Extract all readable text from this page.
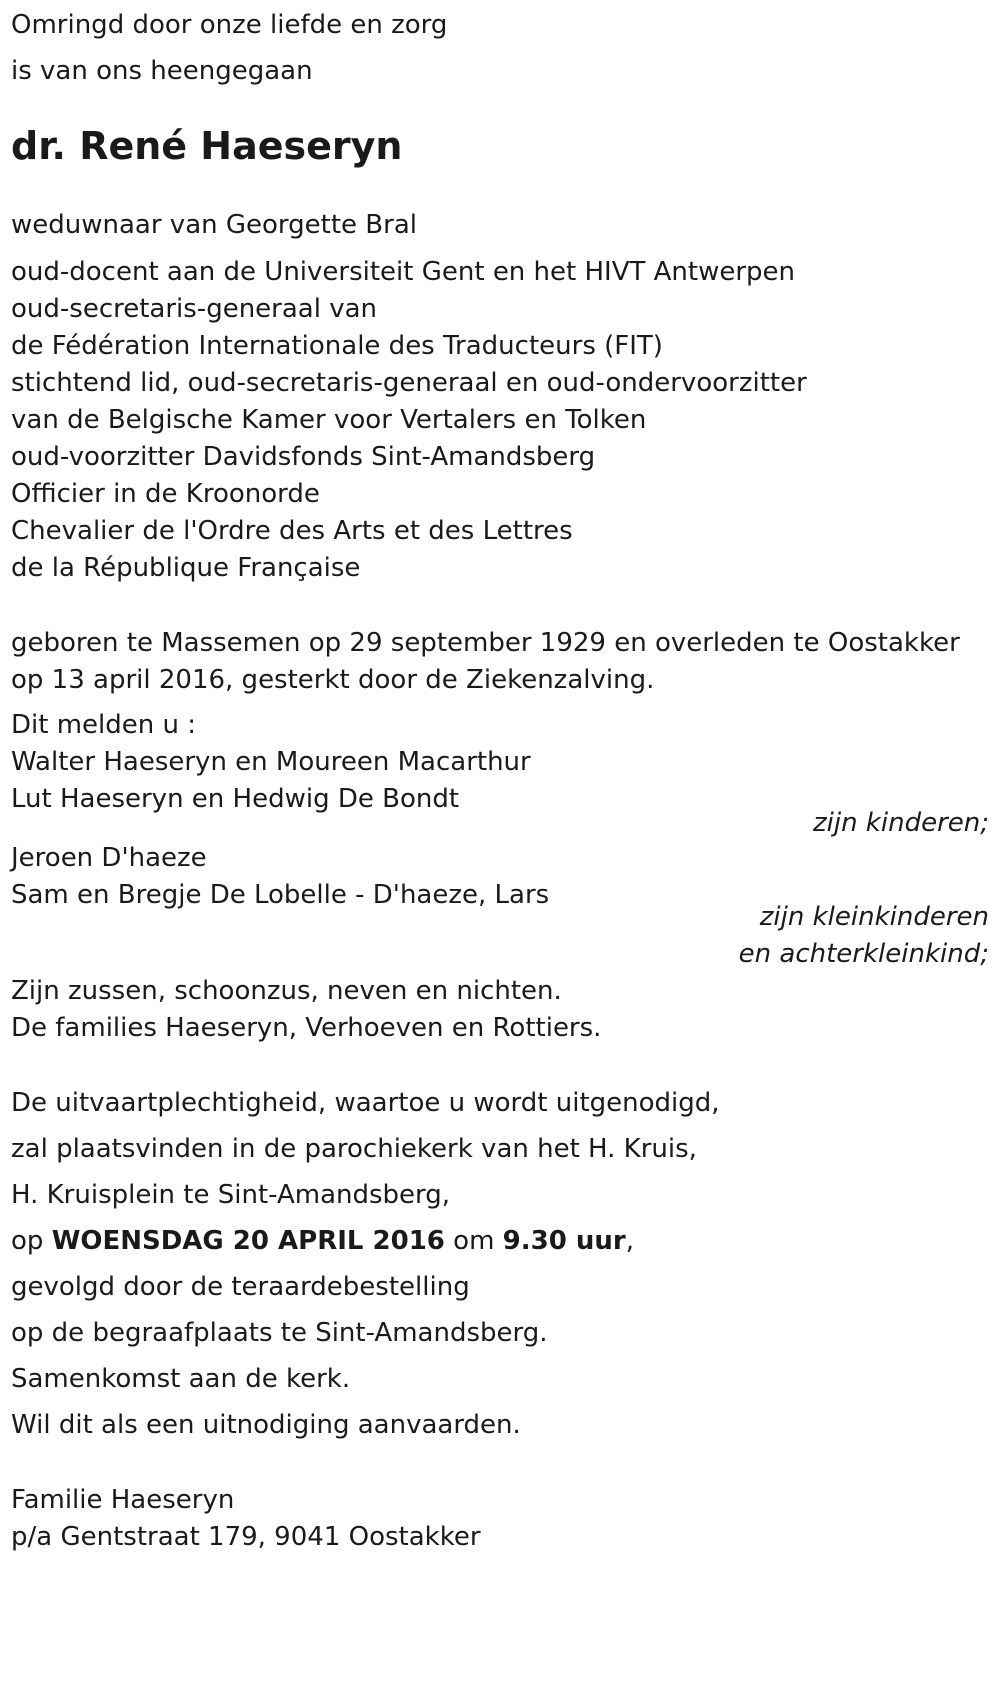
Omringd door onze liefde en zorg
is van ons heengegaan
dr. René Haeseryn
weduwnaar van Georgette Bral
oud-docent aan de Universiteit Gent en het HIVT Antwerpen
oud-secretaris-generaal van
de Fédération Internationale des Traducteurs (FIT)
stichtend lid, oud-secretaris-generaal en oud-ondervoorzitter
van de Belgische Kamer voor Vertalers en Tolken
oud-voorzitter Davidsfonds Sint-Amandsberg
Officier in de Kroonorde
Chevalier de l'Ordre des Arts et des Lettres
de la République Française
geboren te Massemen op 29 september 1929 en overleden te Oostakker
op 13 april 2016, gesterkt door de Ziekenzalving.
Dit melden u :
Walter Haeseryn en Moureen Macarthur
Lut Haeseryn en Hedwig De Bondt
zijn kinderen;
Jeroen D'haeze
Sam en Bregje De Lobelle - D'haeze, Lars
zijn kleinkinderen
en achterkleinkind;
Zijn zussen, schoonzus, neven en nichten.
De families Haeseryn, Verhoeven en Rottiers.
De uitvaartplechtigheid, waartoe u wordt uitgenodigd,
zal plaatsvinden in de parochiekerk van het H. Kruis,
H. Kruisplein te Sint-Amandsberg,
op WOENSDAG 20 APRIL 2016 om 9.30 uur,
gevolgd door de teraardebestelling
op de begraafplaats te Sint-Amandsberg.
Samenkomst aan de kerk.
Wil dit als een uitnodiging aanvaarden.
Familie Haeseryn
p/a Gentstraat 179, 9041 Oostakker
